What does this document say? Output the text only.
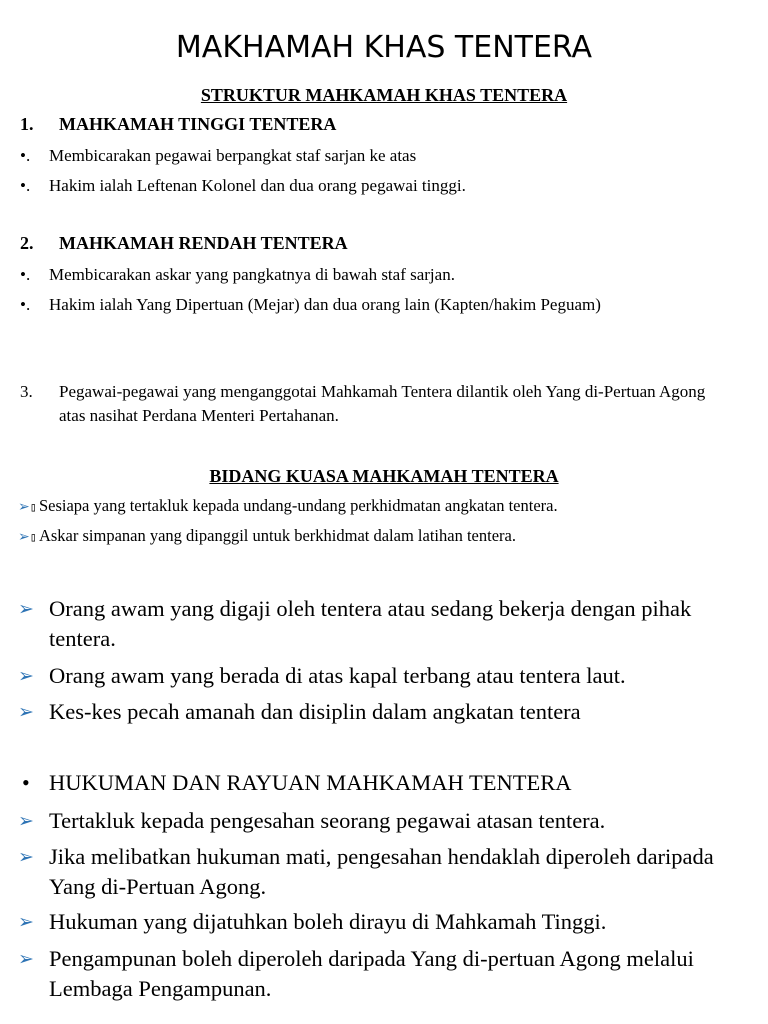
MAKHAMAH KHAS TENTERA
STRUKTUR MAHKAMAH KHAS TENTERA
1. MAHKAMAH TINGGI TENTERA
•.	Membicarakan pegawai berpangkat staf sarjan ke atas
•.	Hakim ialah Leftenan Kolonel dan dua orang pegawai tinggi.
2. MAHKAMAH RENDAH TENTERA
•.	Membicarakan askar yang pangkatnya di bawah staf sarjan.
•.	Hakim ialah Yang Dipertuan (Mejar) dan dua orang lain (Kapten/hakim Peguam)
3.	Pegawai-pegawai yang menganggotai Mahkamah Tentera dilantik oleh Yang di-Pertuan Agong atas nasihat Perdana Menteri Pertahanan.
BIDANG KUASA MAHKAMAH TENTERA
➢▯ Sesiapa yang tertakluk kepada undang-undang perkhidmatan angkatan tentera.
➢▯ Askar simpanan yang dipanggil untuk berkhidmat dalam latihan tentera.
➢ Orang awam yang digaji oleh tentera atau sedang bekerja dengan pihak tentera.
➢ Orang awam yang berada di atas kapal terbang atau tentera laut.
➢ Kes-kes pecah amanah dan disiplin dalam angkatan tentera
• HUKUMAN DAN RAYUAN MAHKAMAH TENTERA
➢ Tertakluk kepada pengesahan seorang pegawai atasan tentera.
➢ Jika melibatkan hukuman mati, pengesahan hendaklah diperoleh daripada Yang di-Pertuan Agong.
➢ Hukuman yang dijatuhkan boleh dirayu di Mahkamah Tinggi.
➢ Pengampunan boleh diperoleh daripada Yang di-pertuan Agong melalui Lembaga Pengampunan.
